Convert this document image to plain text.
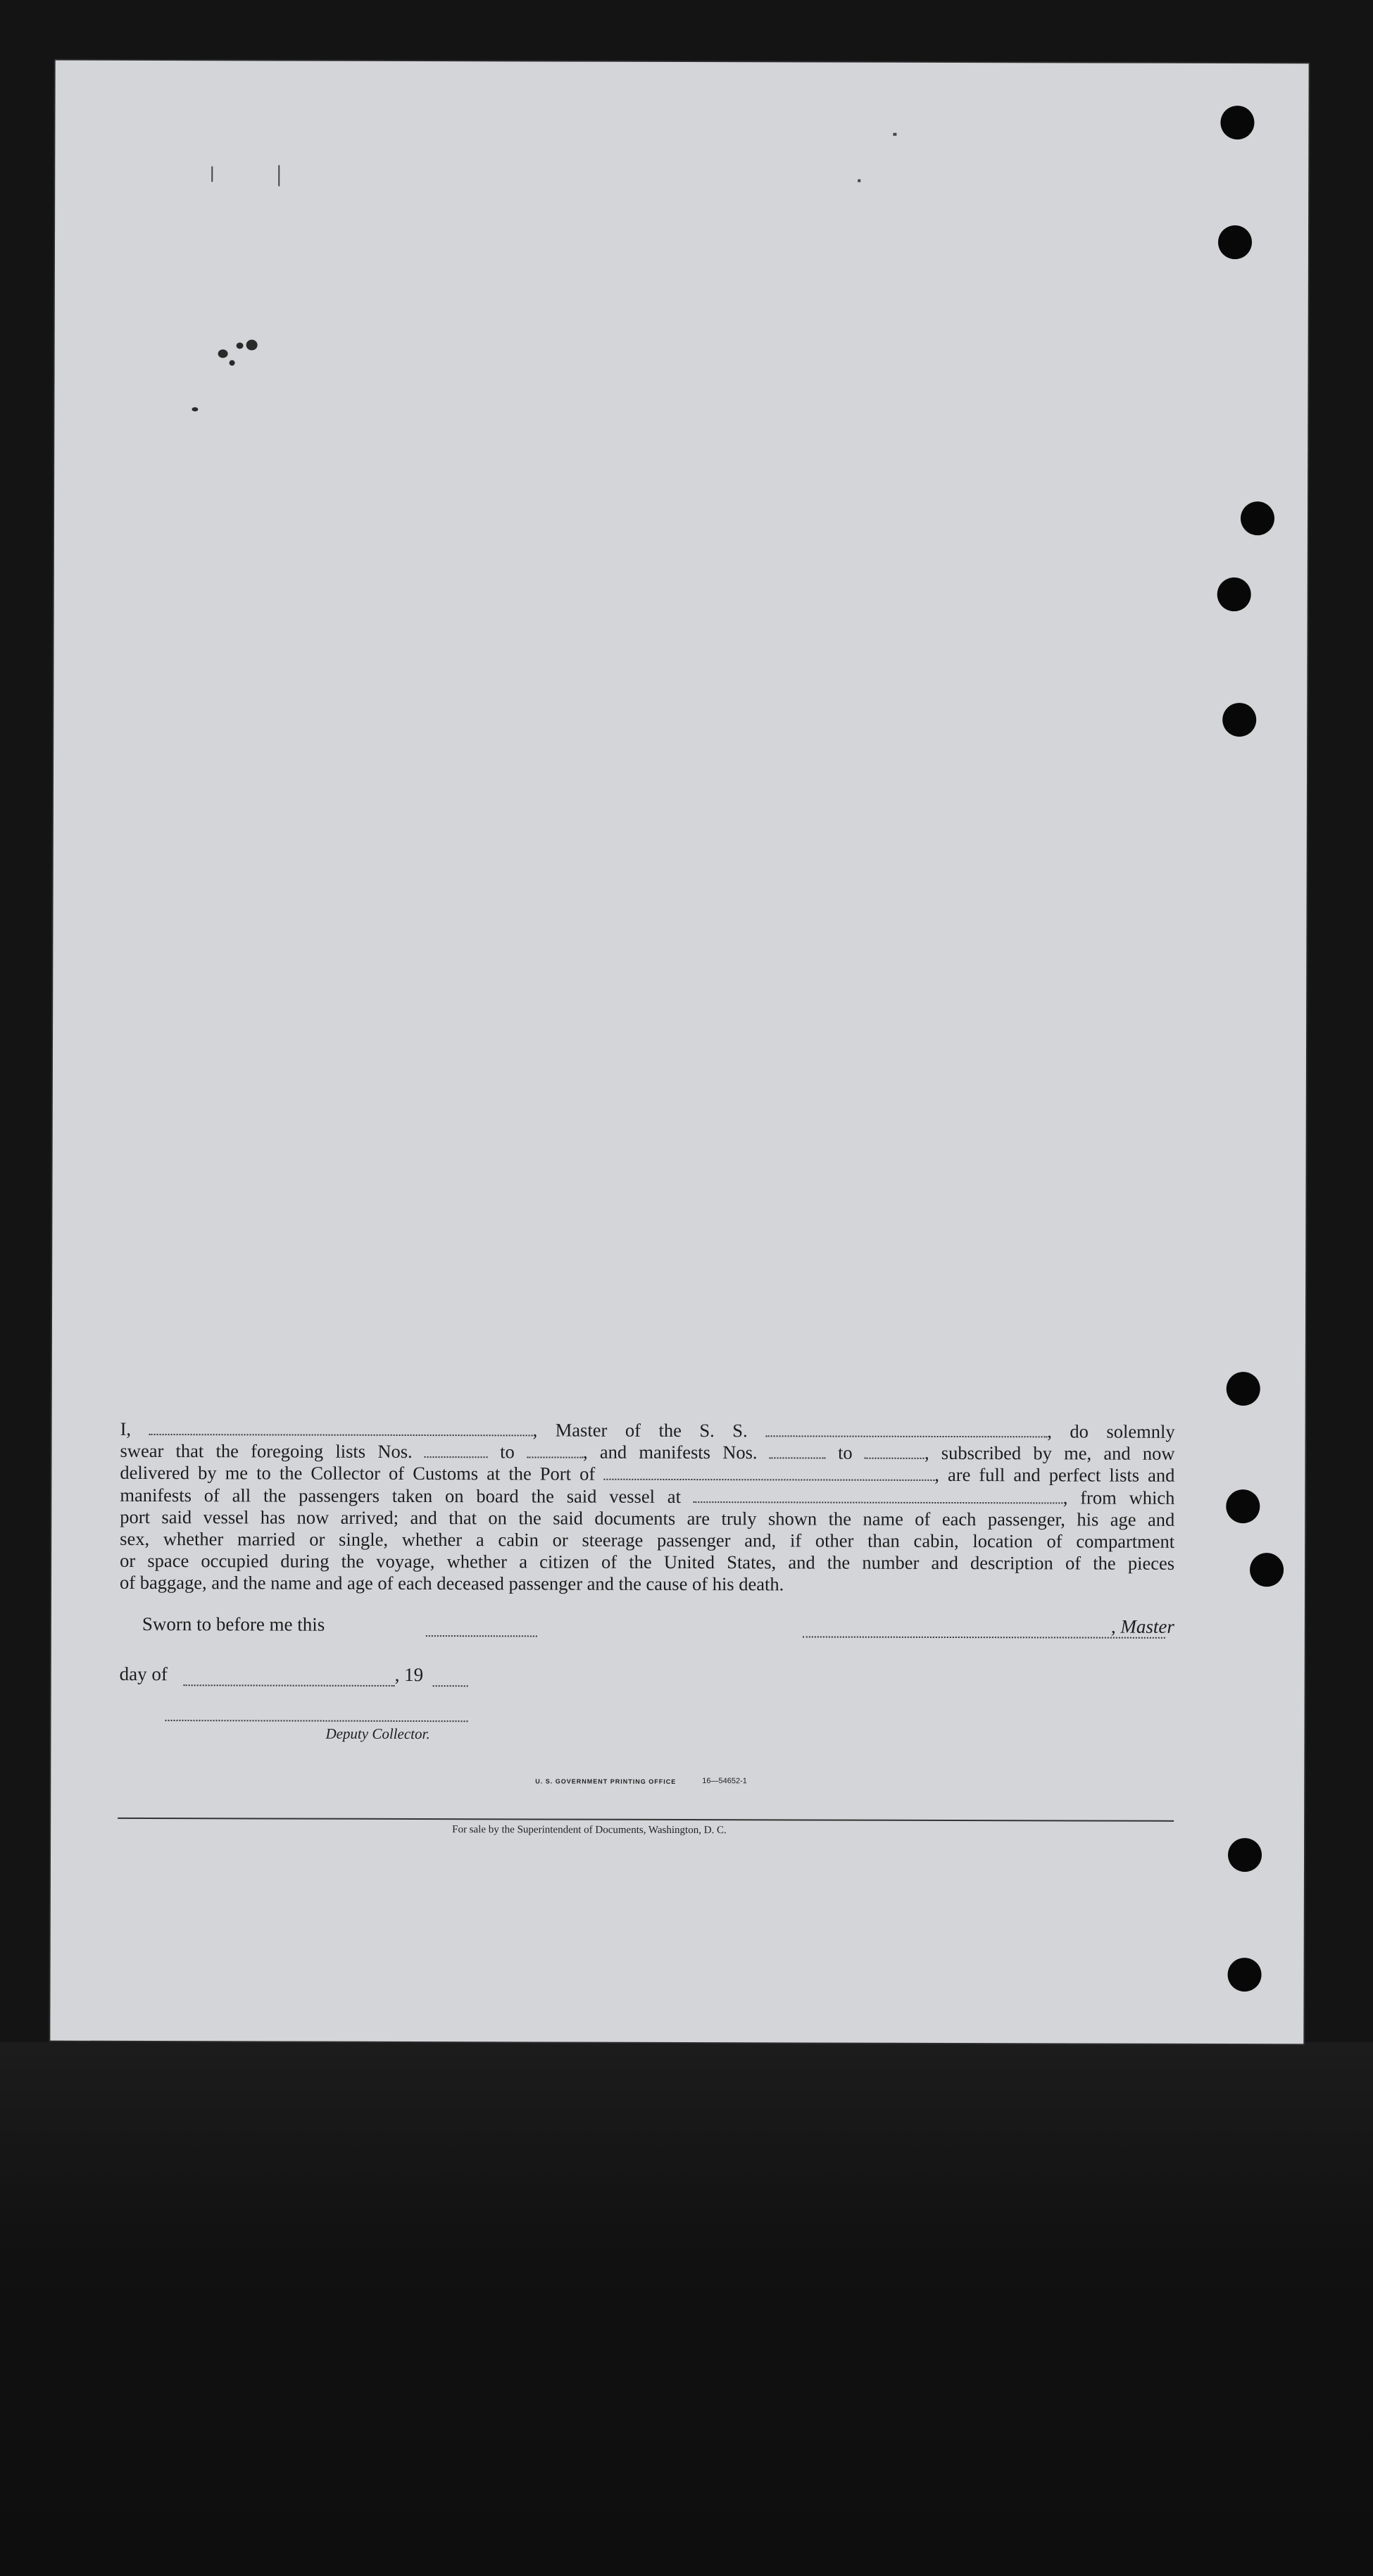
I,	, Master of the S. S.	, do solemnly
swear that the foregoing lists Nos.	to	, and manifests Nos.	to	, subscribed by me, and now
delivered by me to the Collector of Customs at the Port of	, are full and perfect lists and
manifests of all the passengers taken on board the said vessel at	, from which
port said vessel has now arrived; and that on the said documents are truly shown the name of each passenger, his age and
sex, whether married or single, whether a cabin or steerage passenger and, if other than cabin, location of compartment
or space occupied during the voyage, whether a citizen of the United States, and the number and description of the pieces
of baggage, and the name and age of each deceased passenger and the cause of his death.
Sworn to before me this	, Master
day of	, 19
Deputy Collector.
U. S. GOVERNMENT PRINTING OFFICE	16—54652-1
For sale by the Superintendent of Documents, Washington, D. C.
